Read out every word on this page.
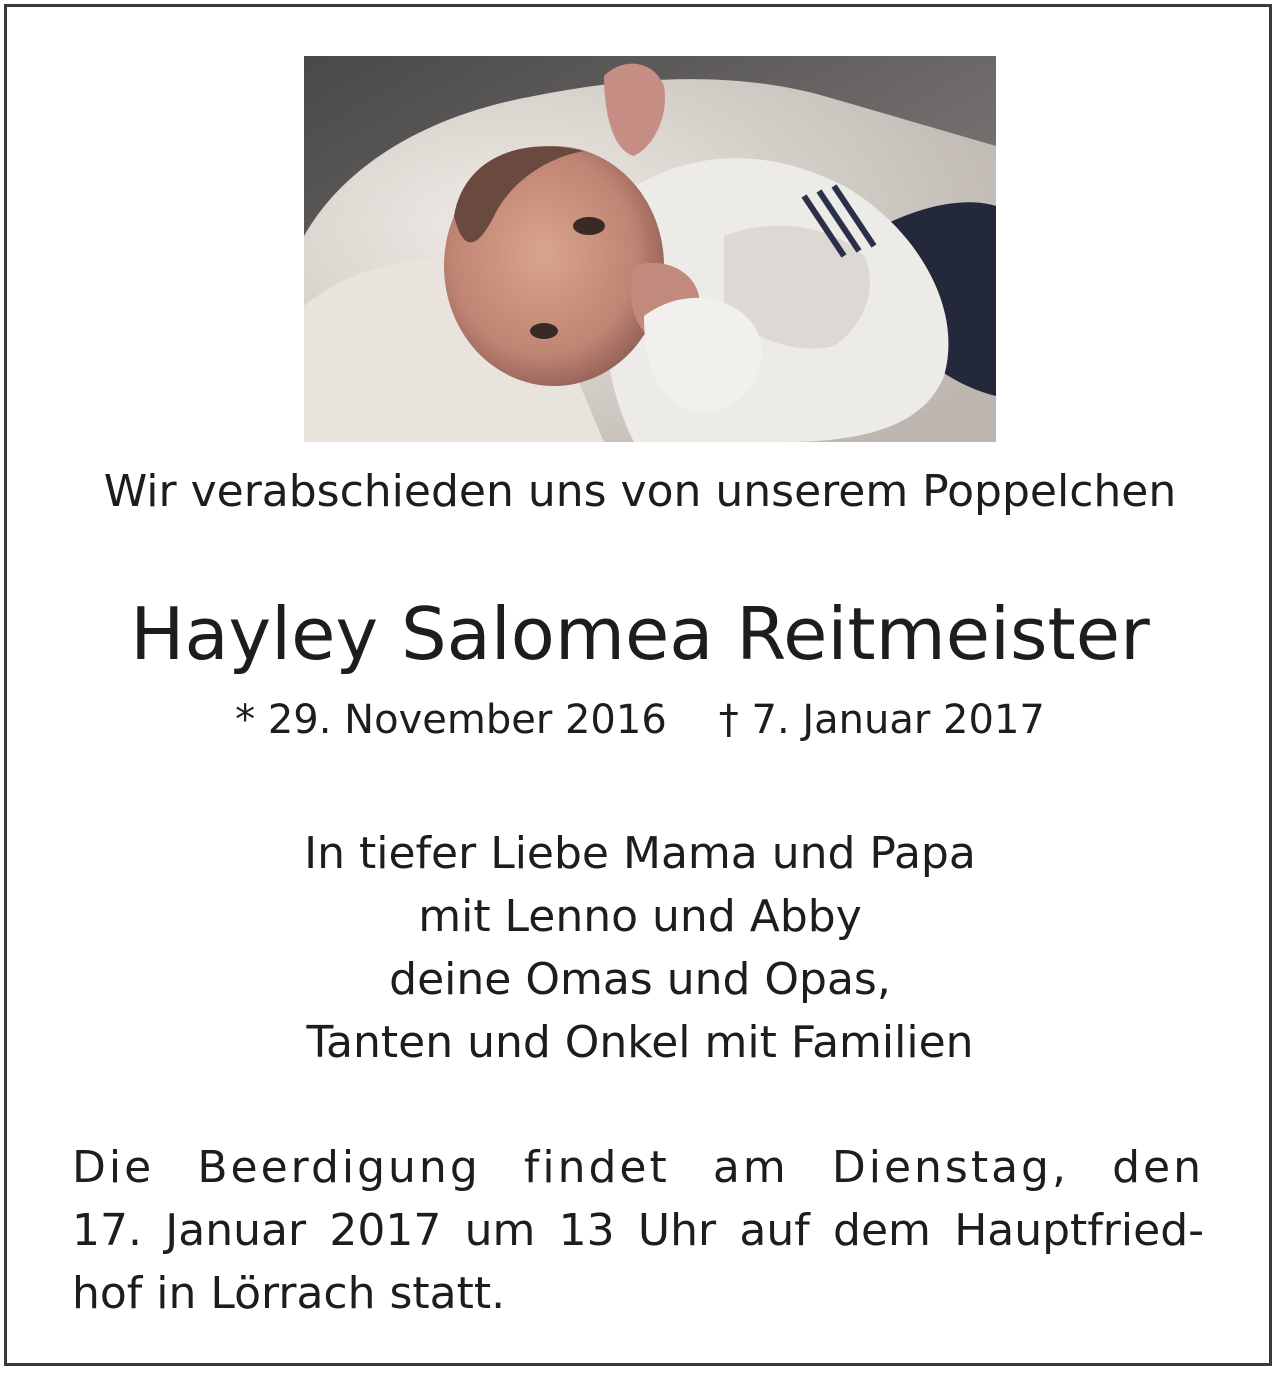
Wir verabschieden uns von unserem Poppelchen
Hayley Salomea Reitmeister
* 29. November 2016 † 7. Januar 2017
In tiefer Liebe Mama und Papa
mit Lenno und Abby
deine Omas und Opas,
Tanten und Onkel mit Familien
Die Beerdigung findet am Dienstag, den
17. Januar 2017 um 13 Uhr auf dem Hauptfried-
hof in Lörrach statt.
